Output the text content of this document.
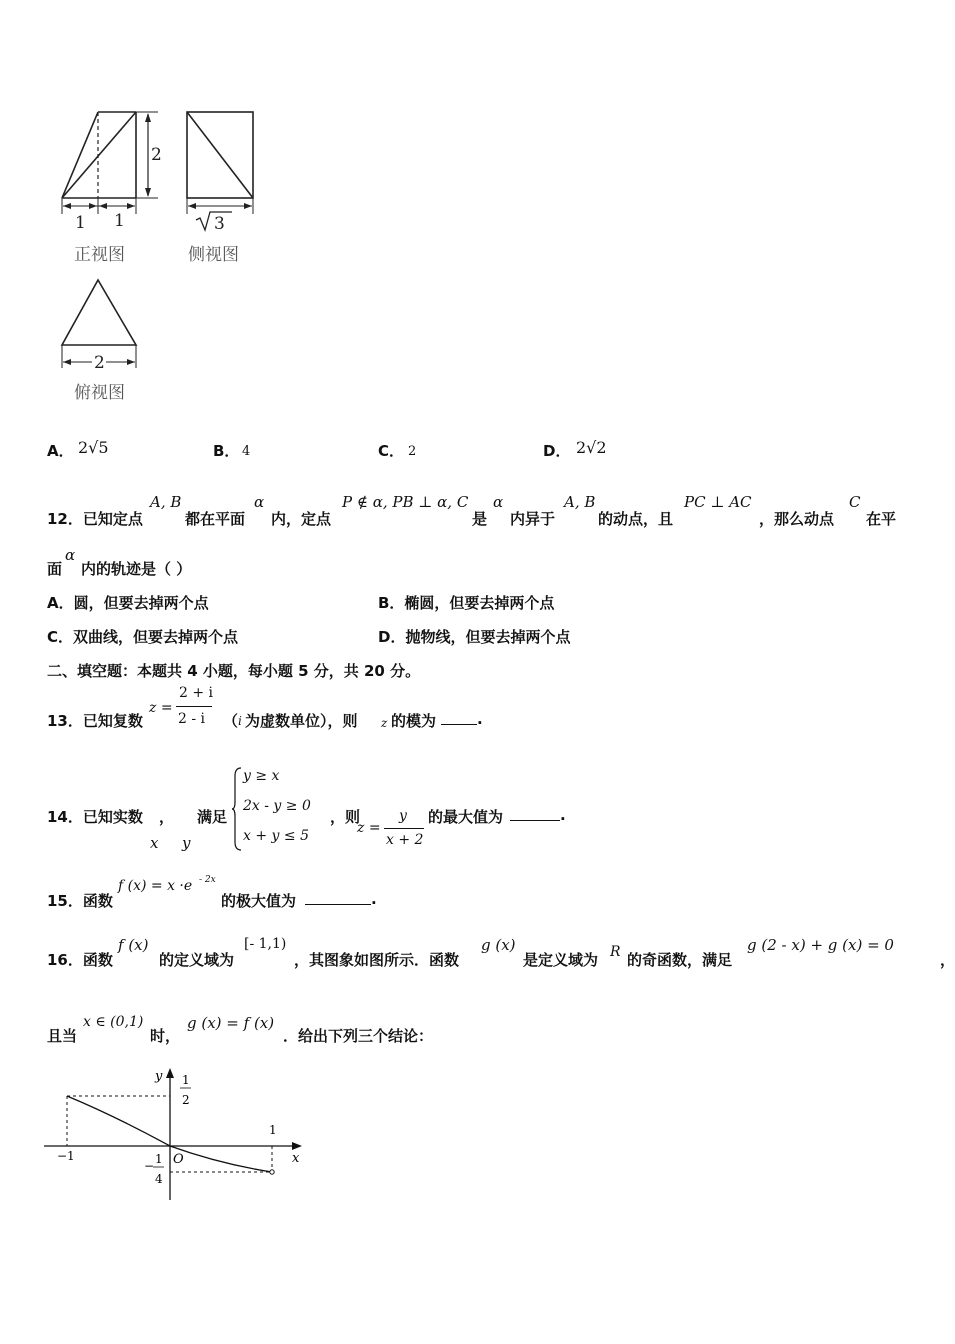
2
1 1	3
正视图	侧视图
2
俯视图
A． 2√5	B． 4	C． 2	D． 2√2
12．已知定点
A, B
都在平面
α
内，定点
P ∉ α, PB ⊥ α, C
是
α
内异于
A, B
的动点，且
PC ⊥ AC
，那么动点
C
在平
面
α
内的轨迹是（ ）
A．圆，但要去掉两个点	B．椭圆，但要去掉两个点
C．双曲线，但要去掉两个点	D．抛物线，但要去掉两个点
二、填空题：本题共 4 小题，每小题 5 分，共 20 分。
13．已知复数
z =
2 + i
2 - i （ i 为虚数单位），则 z 的模为	.
14．已知实数 ， 满足
x y
y ≥ x
2x - y ≥ 0
x + y ≤ 5
，则
z =
y
x + 2
的最大值为	.
15．函数
f (x) = x ·e - 2x
的极大值为	.
16．函数
f (x)
的定义域为
[- 1,1)
，其图象如图所示．函数
g (x)
是定义域为 R 的奇函数，满足
g (2 - x) + g (x) = 0
，
且当
x ∈ (0,1)
时，
g (x) = f (x)
．给出下列三个结论：
y
x
O
1
2
− 1
4
−1
1
